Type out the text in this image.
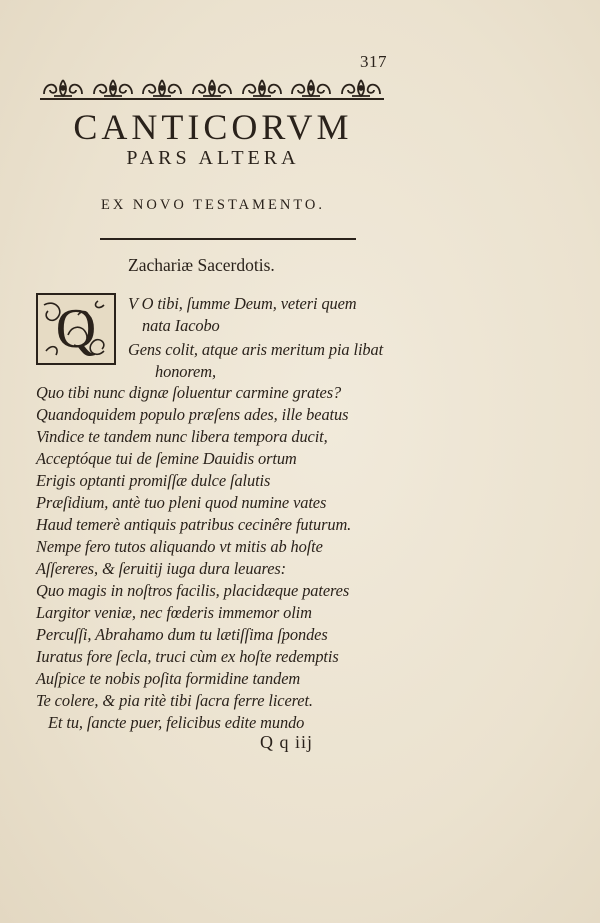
317
CANTICORVM
PARS ALTERA
EX NOVO TESTAMENTO.
Zachariæ Sacerdotis.
Q V O tibi, ſumme Deum, veteri quem
nata Iacobo
Gens colit, atque aris meritum pia libat
honorem,
Quo tibi nunc dignæ ſoluentur carmine grates?
Quandoquidem populo præſens ades, ille beatus
Vindice te tandem nunc libera tempora ducit,
Acceptóque tui de ſemine Dauidis ortum
Erigis optanti promiſſæ dulce ſalutis
Præſidium, antè tuo pleni quod numine vates
Haud temerè antiquis patribus cecinêre futurum.
Nempe fero tutos aliquando vt mitis ab hoſte
Aſſereres, & ſeruitij iuga dura leuares:
Quo magis in noſtros facilis, placidæque pateres
Largitor veniæ, nec fœderis immemor olim
Percuſſi, Abrahamo dum tu lætiſſima ſpondes
Iuratus fore ſecla, truci cùm ex hoſte redemptis
Auſpice te nobis poſita formidine tandem
Te colere, & pia ritè tibi ſacra ferre liceret.
Et tu, ſancte puer, felicibus edite mundo
Q q iij
